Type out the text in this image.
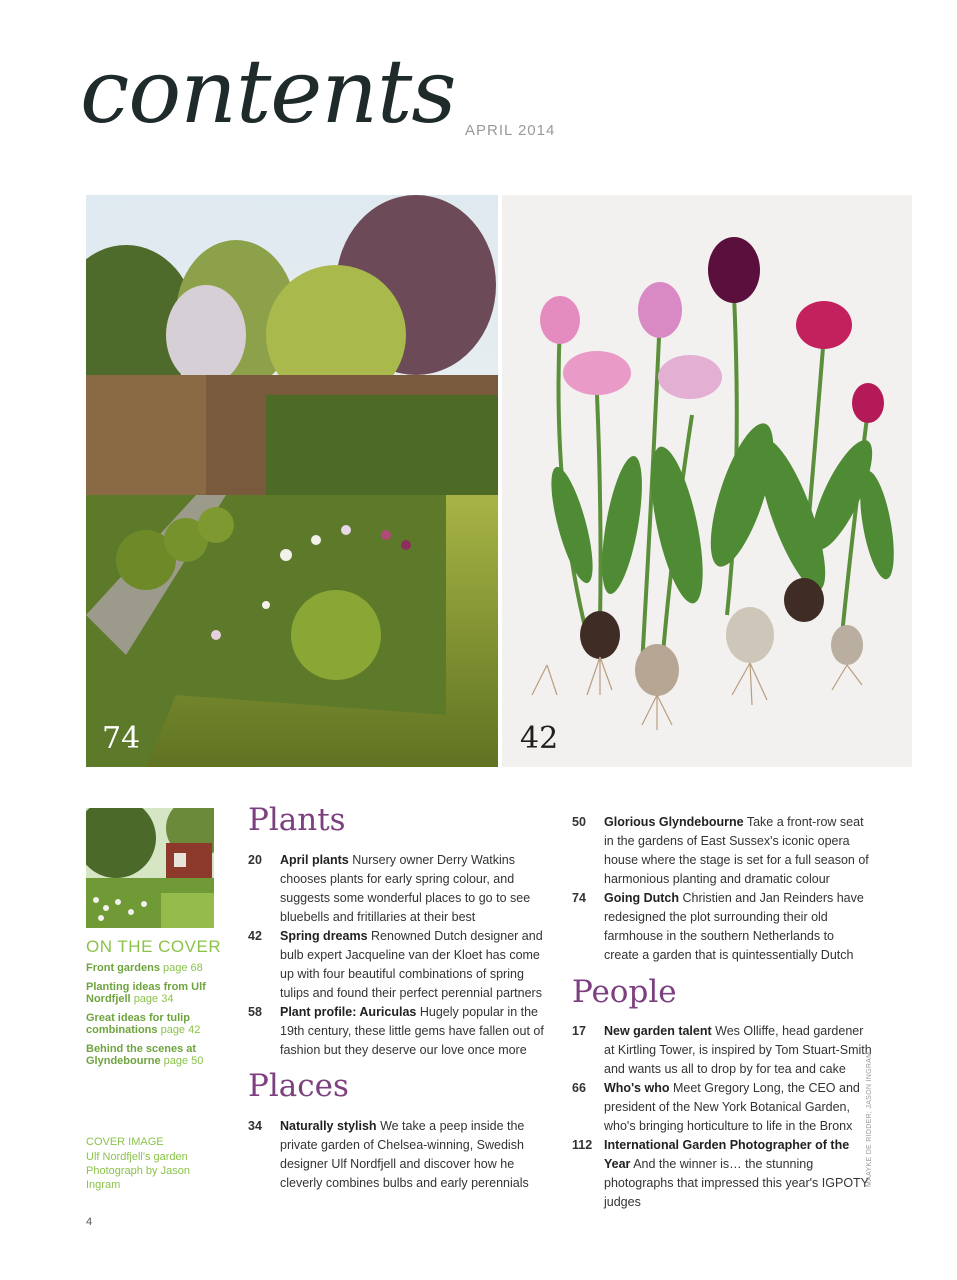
contents APRIL 2014
74	42
ON THE COVER
Front gardens page 68
Planting ideas from Ulf Nordfjell page 34
Great ideas for tulip combinations page 42
Behind the scenes at Glyndebourne page 50
COVER IMAGE
Ulf Nordfjell's garden Photograph by Jason Ingram
Plants
20 April plants Nursery owner Derry Watkins chooses plants for early spring colour, and suggests some wonderful places to go to see bluebells and fritillaries at their best
42 Spring dreams Renowned Dutch designer and bulb expert Jacqueline van der Kloet has come up with four beautiful combinations of spring tulips and found their perfect perennial partners
58 Plant profile: Auriculas Hugely popular in the 19th century, these little gems have fallen out of fashion but they deserve our love once more
Places
34 Naturally stylish We take a peep inside the private garden of Chelsea-winning, Swedish designer Ulf Nordfjell and discover how he cleverly combines bulbs and early perennials
50 Glorious Glyndebourne Take a front-row seat in the gardens of East Sussex's iconic opera house where the stage is set for a full season of harmonious planting and dramatic colour
74 Going Dutch Christien and Jan Reinders have redesigned the plot surrounding their old farmhouse in the southern Netherlands to create a garden that is quintessentially Dutch
People
17 New garden talent Wes Olliffe, head gardener at Kirtling Tower, is inspired by Tom Stuart-Smith and wants us all to drop by for tea and cake
66 Who's who Meet Gregory Long, the CEO and president of the New York Botanical Garden, who's bringing horticulture to life in the Bronx
112 International Garden Photographer of the Year And the winner is… the stunning photographs that impressed this year's IGPOTY judges
MAAYKE DE RIDDER; JASON INGRAM
4
